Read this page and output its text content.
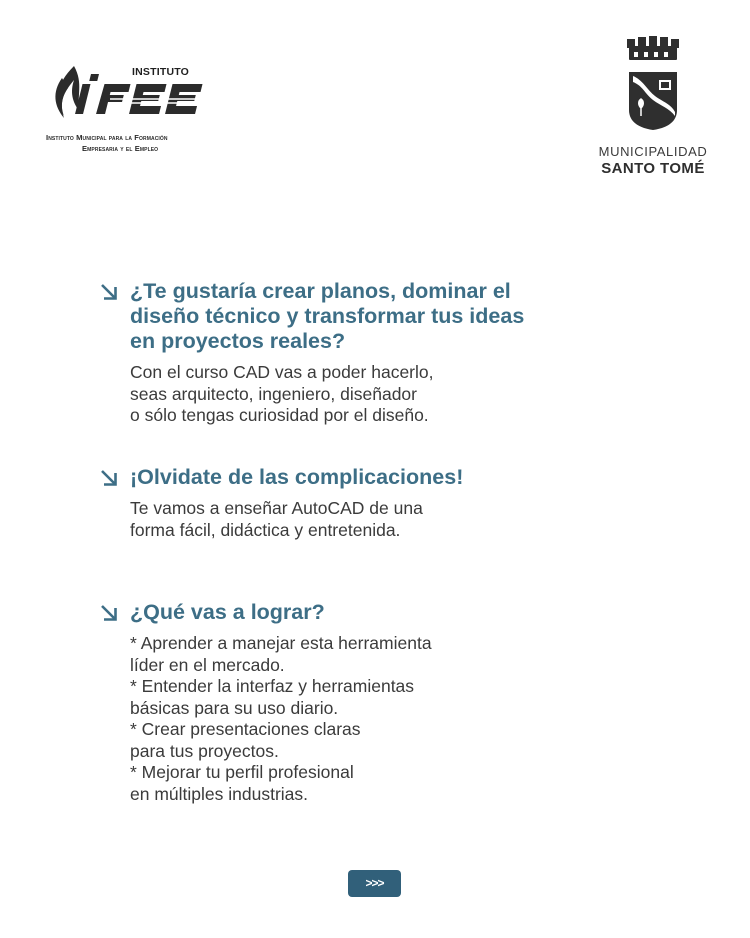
INSTITUTO
Instituto Municipal para la Formación
Empresaria y el Empleo	MUNICIPALIDAD
SANTO TOMÉ
¿Te gustaría crear planos, dominar el
diseño técnico y transformar tus ideas
en proyectos reales?

Con el curso CAD vas a poder hacerlo,
seas arquitecto, ingeniero, diseñador
o sólo tengas curiosidad por el diseño.

¡Olvidate de las complicaciones!

Te vamos a enseñar AutoCAD de una
forma fácil, didáctica y entretenida.

¿Qué vas a lograr?

* Aprender a manejar esta herramienta
líder en el mercado.
* Entender la interfaz y herramientas
básicas para su uso diario.
* Crear presentaciones claras
para tus proyectos.
* Mejorar tu perfil profesional
en múltiples industrias.

>>>
